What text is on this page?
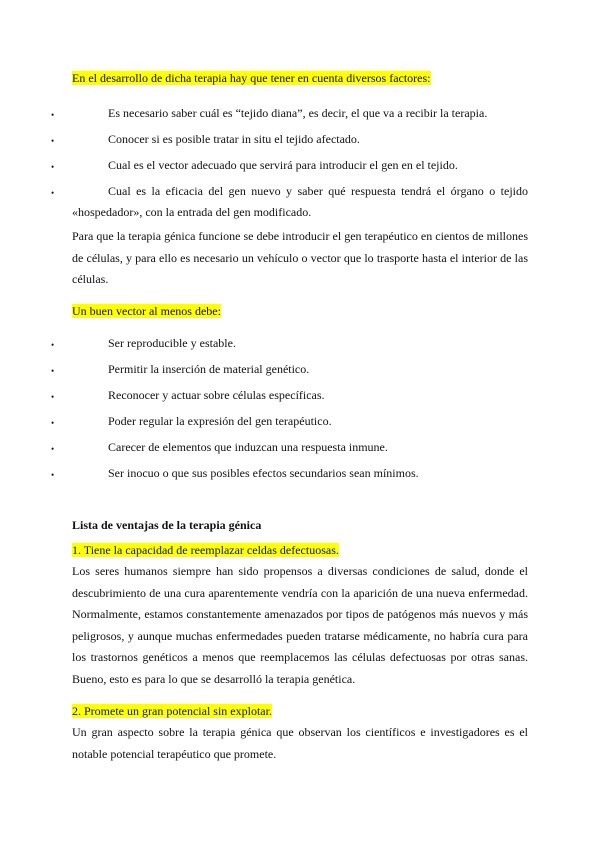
En el desarrollo de dicha terapia hay que tener en cuenta diversos factores:
•	Es necesario saber cuál es “tejido diana”, es decir, el que va a recibir la terapia.
•	Conocer si es posible tratar in situ el tejido afectado.
•	Cual es el vector adecuado que servirá para introducir el gen en el tejido.
•	Cual es la eficacia del gen nuevo y saber qué respuesta tendrá el órgano o tejido
«hospedador», con la entrada del gen modificado.
Para que la terapia génica funcione se debe introducir el gen terapéutico en cientos de millones de células, y para ello es necesario un vehículo o vector que lo trasporte hasta el interior de las células.
Un buen vector al menos debe:
•	Ser reproducible y estable.
•	Permitir la inserción de material genético.
•	Reconocer y actuar sobre células específicas.
•	Poder regular la expresión del gen terapéutico.
•	Carecer de elementos que induzcan una respuesta inmune.
•	Ser inocuo o que sus posibles efectos secundarios sean mínimos.
Lista de ventajas de la terapia génica
1. Tiene la capacidad de reemplazar celdas defectuosas.
Los seres humanos siempre han sido propensos a diversas condiciones de salud, donde el descubrimiento de una cura aparentemente vendría con la aparición de una nueva enfermedad. Normalmente, estamos constantemente amenazados por tipos de patógenos más nuevos y más peligrosos, y aunque muchas enfermedades pueden tratarse médicamente, no habría cura para los trastornos genéticos a menos que reemplacemos las células defectuosas por otras sanas. Bueno, esto es para lo que se desarrolló la terapia genética.
2. Promete un gran potencial sin explotar.
Un gran aspecto sobre la terapia génica que observan los científicos e investigadores es el notable potencial terapéutico que promete.
